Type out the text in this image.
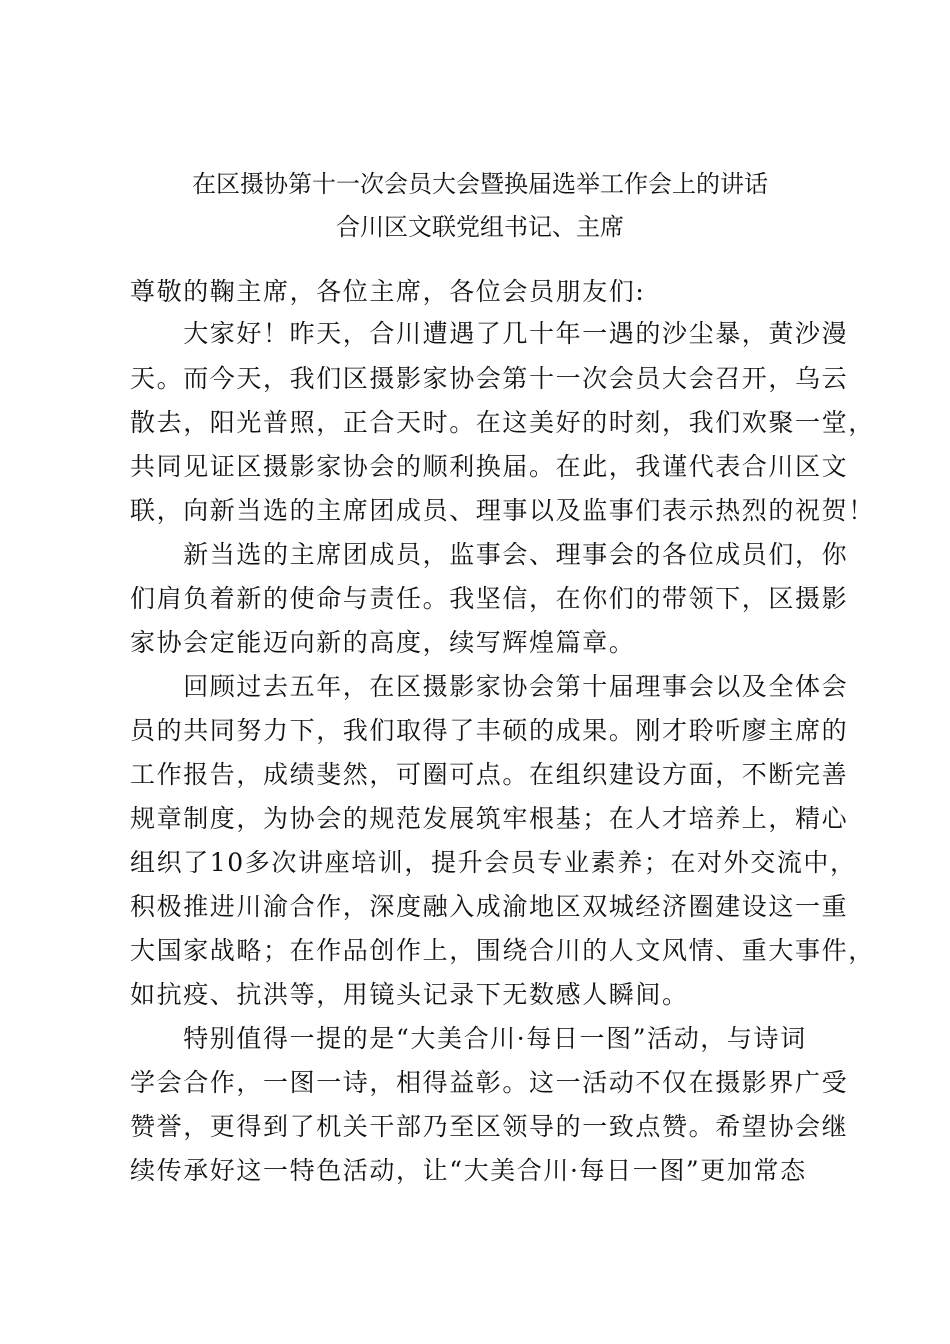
在区摄协第十一次会员大会暨换届选举工作会上的讲话
合川区文联党组书记、主席
尊敬的鞠主席，各位主席，各位会员朋友们:
　　大家好！昨天，合川遭遇了几十年一遇的沙尘暴，黄沙漫
天。而今天，我们区摄影家协会第十一次会员大会召开，乌云
散去，阳光普照，正合天时。在这美好的时刻，我们欢聚一堂，
共同见证区摄影家协会的顺利换届。在此，我谨代表合川区文
联，向新当选的主席团成员、理事以及监事们表示热烈的祝贺！
　　新当选的主席团成员，监事会、理事会的各位成员们，你
们肩负着新的使命与责任。我坚信，在你们的带领下，区摄影
家协会定能迈向新的高度，续写辉煌篇章。
　　回顾过去五年，在区摄影家协会第十届理事会以及全体会
员的共同努力下，我们取得了丰硕的成果。刚才聆听廖主席的
工作报告，成绩斐然，可圈可点。在组织建设方面，不断完善
规章制度，为协会的规范发展筑牢根基；在人才培养上，精心
组织了10多次讲座培训，提升会员专业素养；在对外交流中，
积极推进川渝合作，深度融入成渝地区双城经济圈建设这一重
大国家战略；在作品创作上，围绕合川的人文风情、重大事件，
如抗疫、抗洪等，用镜头记录下无数感人瞬间。
　　特别值得一提的是“大美合川·每日一图”活动，与诗词
学会合作，一图一诗，相得益彰。这一活动不仅在摄影界广受
赞誉，更得到了机关干部乃至区领导的一致点赞。希望协会继
续传承好这一特色活动，让“大美合川·每日一图”更加常态
